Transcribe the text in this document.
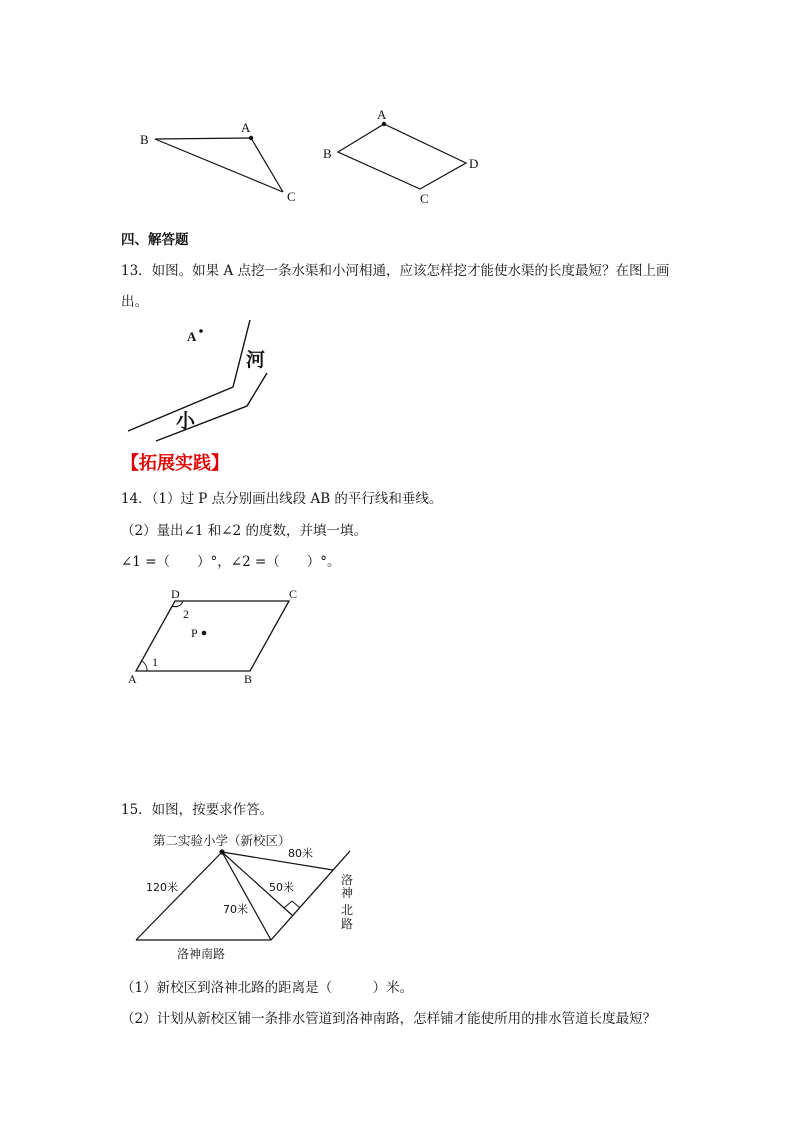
A
B
C
A
B
C
D
四、解答题
13．如图。如果 A 点挖一条水渠和小河相通，应该怎样挖才能使水渠的长度最短？在图上画
出。
A
河
小
【拓展实践】
14．（1）过 P 点分别画出线段 AB 的平行线和垂线。
（2）量出∠1 和∠2 的度数，并填一填。
∠1 =（　　）°，∠2 =（　　）°。
A	B
C
D
P
1
2
15．如图，按要求作答。
第二实验小学（新校区）
80米
120米	50米
70米
洛神南路
洛
神
北
路
（1）新校区到洛神北路的距离是（　　　）米。
（2）计划从新校区铺一条排水管道到洛神南路，怎样铺才能使所用的排水管道长度最短？
